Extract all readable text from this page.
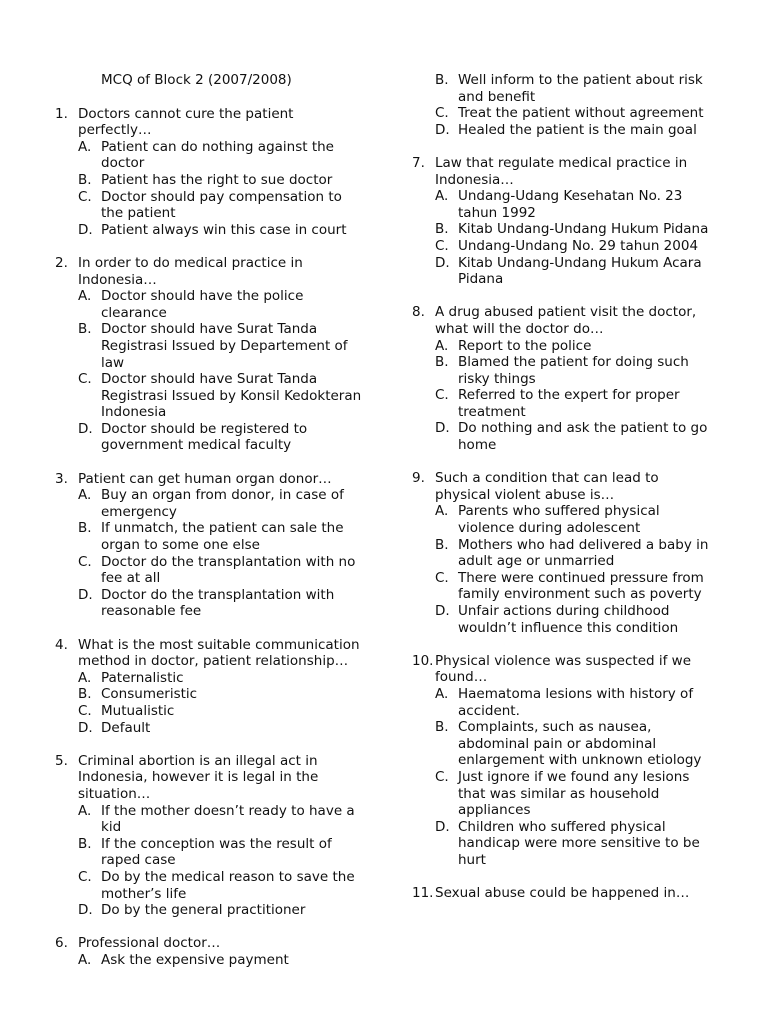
MCQ of Block 2 (2007/2008)
1. Doctors cannot cure the patient perfectly…
A. Patient can do nothing against the doctor
B. Patient has the right to sue doctor
C. Doctor should pay compensation to the patient
D. Patient always win this case in court
2. In order to do medical practice in Indonesia…
A. Doctor should have the police clearance
B. Doctor should have Surat Tanda Registrasi Issued by Departement of law
C. Doctor should have Surat Tanda Registrasi Issued by Konsil Kedokteran Indonesia
D. Doctor should be registered to government medical faculty
3. Patient can get human organ donor…
A. Buy an organ from donor, in case of emergency
B. If unmatch, the patient can sale the organ to some one else
C. Doctor do the transplantation with no fee at all
D. Doctor do the transplantation with reasonable fee
4. What is the most suitable communication method in doctor, patient relationship…
A. Paternalistic
B. Consumeristic
C. Mutualistic
D. Default
5. Criminal abortion is an illegal act in Indonesia, however it is legal in the situation…
A. If the mother doesn’t ready to have a kid
B. If the conception was the result of raped case
C. Do by the medical reason to save the mother’s life
D. Do by the general practitioner
6. Professional doctor…
A. Ask the expensive payment
B. Well inform to the patient about risk and benefit
C. Treat the patient without agreement
D. Healed the patient is the main goal
7. Law that regulate medical practice in Indonesia…
A. Undang-Udang Kesehatan No. 23 tahun 1992
B. Kitab Undang-Undang Hukum Pidana
C. Undang-Undang No. 29 tahun 2004
D. Kitab Undang-Undang Hukum Acara Pidana
8. A drug abused patient visit the doctor, what will the doctor do…
A. Report to the police
B. Blamed the patient for doing such risky things
C. Referred to the expert for proper treatment
D. Do nothing and ask the patient to go home
9. Such a condition that can lead to physical violent abuse is…
A. Parents who suffered physical violence during adolescent
B. Mothers who had delivered a baby in adult age or unmarried
C. There were continued pressure from family environment such as poverty
D. Unfair actions during childhood wouldn’t influence this condition
10. Physical violence was suspected if we found…
A. Haematoma lesions with history of accident.
B. Complaints, such as nausea, abdominal pain or abdominal enlargement with unknown etiology
C. Just ignore if we found any lesions that was similar as household appliances
D. Children who suffered physical handicap were more sensitive to be hurt
11. Sexual abuse could be happened in…
